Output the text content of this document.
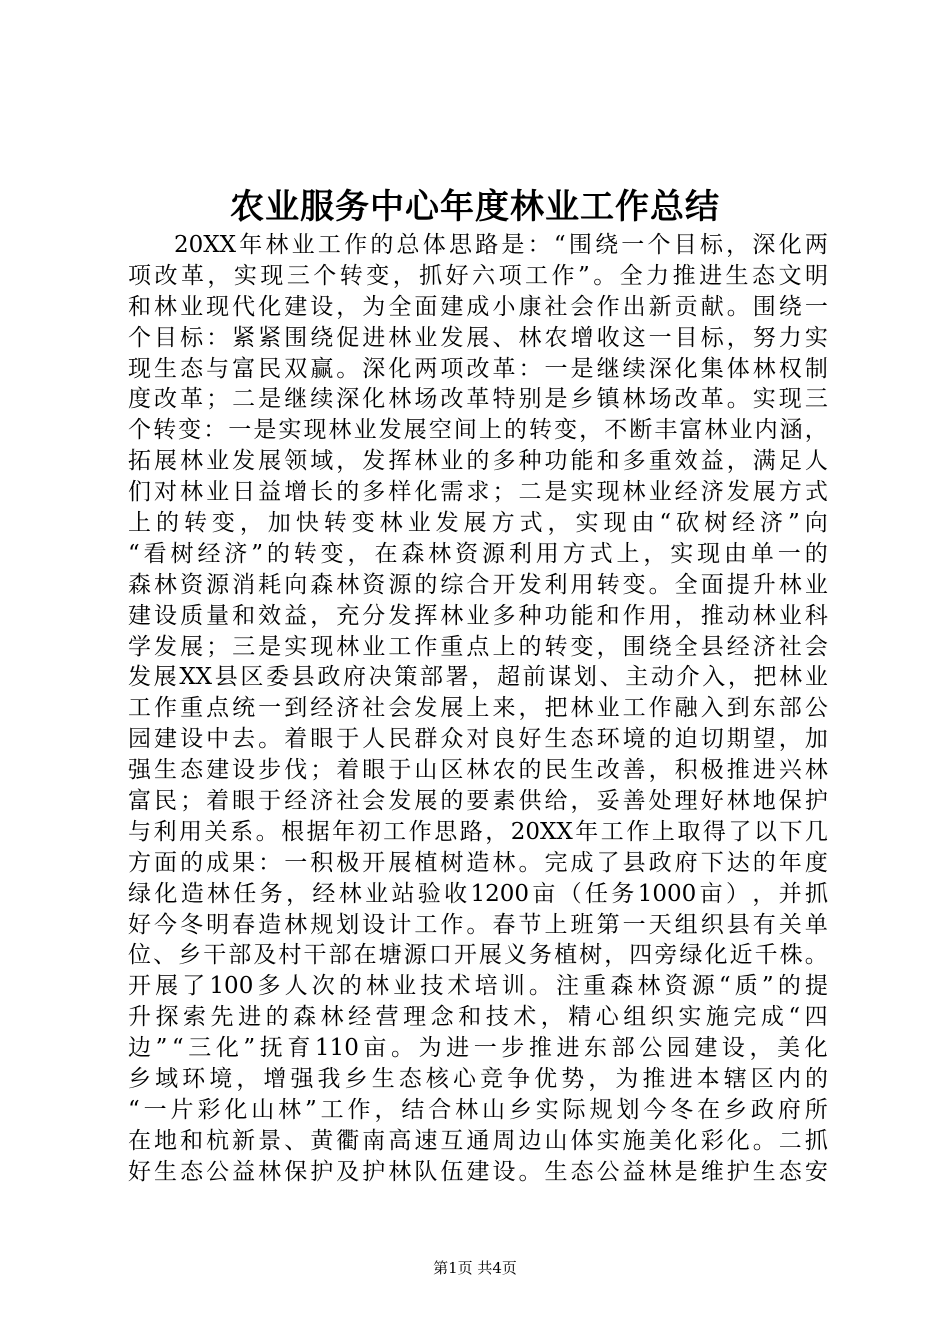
农业服务中心年度林业工作总结
20XX 年 林 业 工 作 的 总 体 思 路 是 ： “ 围 绕 一 个 目 标 ， 深 化 两
项 改 革 ， 实 现 三 个 转 变 ， 抓 好 六 项 工 作 ” 。 全 力 推 进 生 态 文 明
和 林 业 现 代 化 建 设 ， 为 全 面 建 成 小 康 社 会 作 出 新 贡 献 。 围 绕 一
个 目 标 ： 紧 紧 围 绕 促 进 林 业 发 展 、 林 农 增 收 这 一 目 标 ， 努 力 实
现 生 态 与 富 民 双 赢 。 深 化 两 项 改 革 ： 一 是 继 续 深 化 集 体 林 权 制
度 改 革 ； 二 是 继 续 深 化 林 场 改 革 特 别 是 乡 镇 林 场 改 革 。 实 现 三
个 转 变 ： 一 是 实 现 林 业 发 展 空 间 上 的 转 变 ， 不 断 丰 富 林 业 内 涵 ，
拓 展 林 业 发 展 领 域 ， 发 挥 林 业 的 多 种 功 能 和 多 重 效 益 ， 满 足 人
们 对 林 业 日 益 增 长 的 多 样 化 需 求 ； 二 是 实 现 林 业 经 济 发 展 方 式
上 的 转 变 ， 加 快 转 变 林 业 发 展 方 式 ， 实 现 由 “ 砍 树 经 济 ” 向
“ 看 树 经 济 ” 的 转 变 ， 在 森 林 资 源 利 用 方 式 上 ， 实 现 由 单 一 的
森 林 资 源 消 耗 向 森 林 资 源 的 综 合 开 发 利 用 转 变 。 全 面 提 升 林 业
建 设 质 量 和 效 益 ， 充 分 发 挥 林 业 多 种 功 能 和 作 用 ， 推 动 林 业 科
学 发 展 ； 三 是 实 现 林 业 工 作 重 点 上 的 转 变 ， 围 绕 全 县 经 济 社 会
发 展 XX 县 区 委 县 政 府 决 策 部 署 ， 超 前 谋 划 、 主 动 介 入 ， 把 林 业
工 作 重 点 统 一 到 经 济 社 会 发 展 上 来 ， 把 林 业 工 作 融 入 到 东 部 公
园 建 设 中 去 。 着 眼 于 人 民 群 众 对 良 好 生 态 环 境 的 迫 切 期 望 ， 加
强 生 态 建 设 步 伐 ； 着 眼 于 山 区 林 农 的 民 生 改 善 ， 积 极 推 进 兴 林
富 民 ； 着 眼 于 经 济 社 会 发 展 的 要 素 供 给 ， 妥 善 处 理 好 林 地 保 护
与 利 用 关 系 。 根 据 年 初 工 作 思 路 ， 20XX 年 工 作 上 取 得 了 以 下 几
方 面 的 成 果 ： 一 积 极 开 展 植 树 造 林 。 完 成 了 县 政 府 下 达 的 年 度
绿 化 造 林 任 务 ， 经 林 业 站 验 收 1200 亩 （ 任 务 1000 亩 ） ， 并 抓
好 今 冬 明 春 造 林 规 划 设 计 工 作 。 春 节 上 班 第 一 天 组 织 县 有 关 单
位 、 乡 干 部 及 村 干 部 在 塘 源 口 开 展 义 务 植 树 ， 四 旁 绿 化 近 千 株 。
开 展 了 100 多 人 次 的 林 业 技 术 培 训 。 注 重 森 林 资 源 “ 质 ” 的 提
升 探 索 先 进 的 森 林 经 营 理 念 和 技 术 ， 精 心 组 织 实 施 完 成 “ 四
边 ” “ 三 化 ” 抚 育 110 亩 。 为 进 一 步 推 进 东 部 公 园 建 设 ， 美 化
乡 域 环 境 ， 增 强 我 乡 生 态 核 心 竞 争 优 势 ， 为 推 进 本 辖 区 内 的
“ 一 片 彩 化 山 林 ” 工 作 ， 结 合 林 山 乡 实 际 规 划 今 冬 在 乡 政 府 所
在 地 和 杭 新 景 、 黄 衢 南 高 速 互 通 周 边 山 体 实 施 美 化 彩 化 。 二 抓
好 生 态 公 益 林 保 护 及 护 林 队 伍 建 设 。 生 态 公 益 林 是 维 护 生 态 安
第1页 共4页
